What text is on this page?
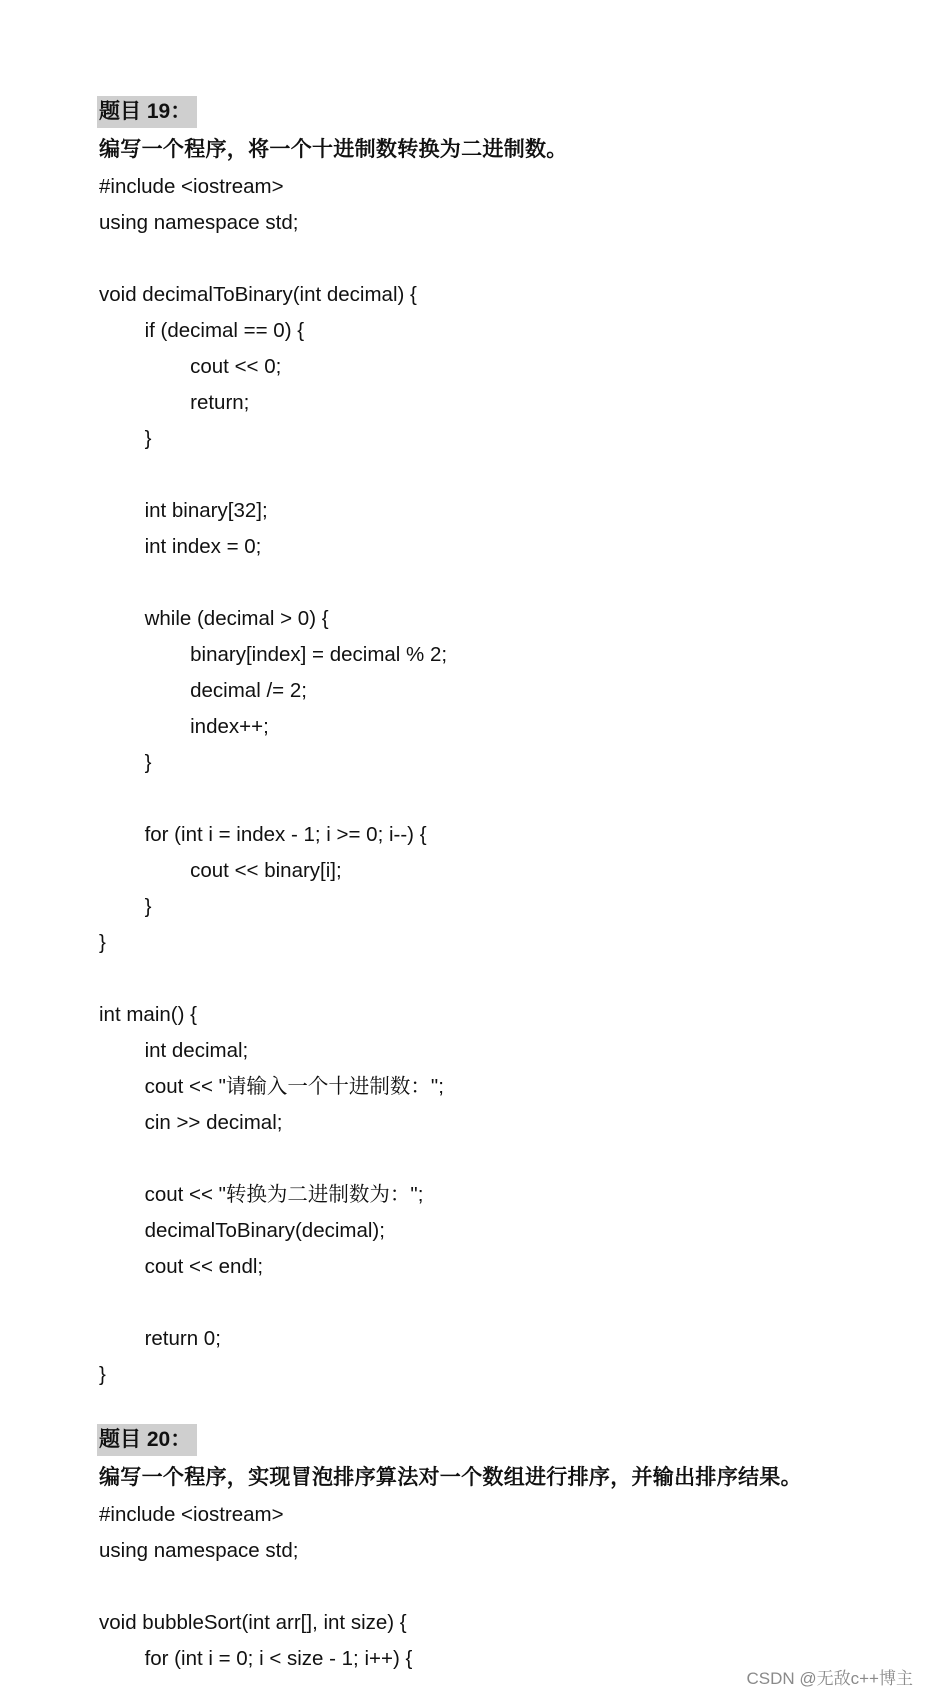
题目 19：
编写一个程序，将一个十进制数转换为二进制数。
#include <iostream>
using namespace std;
void decimalToBinary(int decimal) {
if (decimal == 0) {
cout << 0;
return;
}
int binary[32];
int index = 0;
while (decimal > 0) {
binary[index] = decimal % 2;
decimal /= 2;
index++;
}
for (int i = index - 1; i >= 0; i--) {
cout << binary[i];
}
}
int main() {
int decimal;
cout << "请输入一个十进制数：";
cin >> decimal;
cout << "转换为二进制数为：";
decimalToBinary(decimal);
cout << endl;
return 0;
}
题目 20：
编写一个程序，实现冒泡排序算法对一个数组进行排序，并输出排序结果。
#include <iostream>
using namespace std;
void bubbleSort(int arr[], int size) {
for (int i = 0; i < size - 1; i++) {
CSDN @无敌c++博主
